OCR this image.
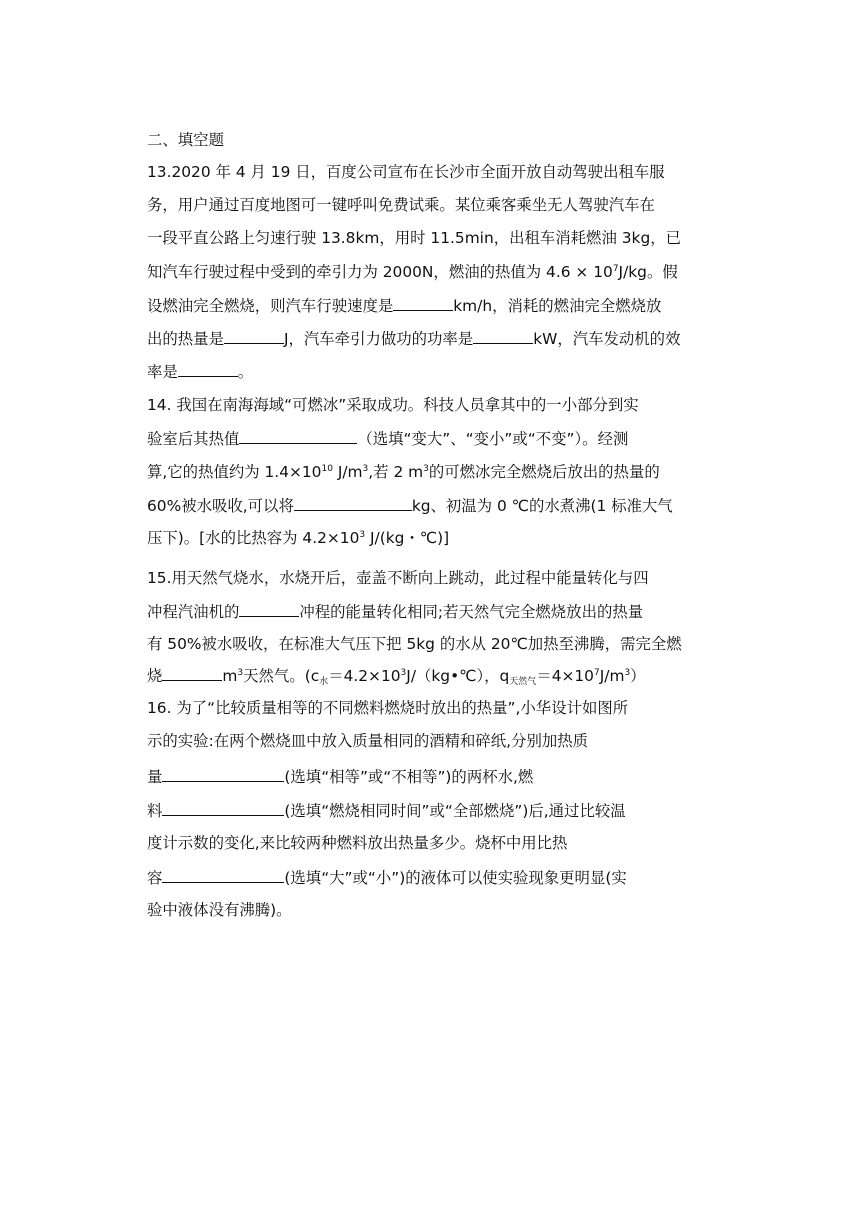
二、填空题
13.2020 年 4 月 19 日，百度公司宣布在长沙市全面开放自动驾驶出租车服
务，用户通过百度地图可一键呼叫免费试乘。某位乘客乘坐无人驾驶汽车在
一段平直公路上匀速行驶 13.8km，用时 11.5min，出租车消耗燃油 3kg，已
知汽车行驶过程中受到的牵引力为 2000N，燃油的热值为 $4.6 \times 10^7J/kg$。假
设燃油完全燃烧，则汽车行驶速度是	km/h，消耗的燃油完全燃烧放
出的热量是	J，汽车牵引力做功的功率是	kW，汽车发动机的效
率是	。
14. 我国在南海海域“可燃冰”采取成功。科技人员拿其中的一小部分到实
验室后其热值	（选填“变大”、“变小”或“不变”）。经测
算,它的热值约为 $1.4\times 10^{10}$ $J/m^3$,若 2 $m^3$的可燃冰完全燃烧后放出的热量的
60%被水吸收,可以将	kg、初温为 0 ℃的水煮沸(1 标准大气
压下)。[水的比热容为 $4.2\times 10^3$ J/(kg・℃)]
15.用天然气烧水，水烧开后，壶盖不断向上跳动，此过程中能量转化与四
冲程汽油机的	冲程的能量转化相同;若天然气完全燃烧放出的热量
有 50%被水吸收，在标准大气压下把 5kg 的水从 20℃加热至沸腾，需完全燃
烧	$m^3$天然气。($c_水=4.2\times 10^3J/(kg•℃)$，$q_{天然气}=4\times 10^7J/m^3$）
16. 为了“比较质量相等的不同燃料燃烧时放出的热量”,小华设计如图所
示的实验:在两个燃烧皿中放入质量相同的酒精和碎纸,分别加热质
量	(选填“相等”或“不相等”)的两杯水,燃
料	(选填“燃烧相同时间”或“全部燃烧”)后,通过比较温
度计示数的变化,来比较两种燃料放出热量多少。烧杯中用比热
容	(选填“大”或“小”)的液体可以使实验现象更明显(实
验中液体没有沸腾)。
